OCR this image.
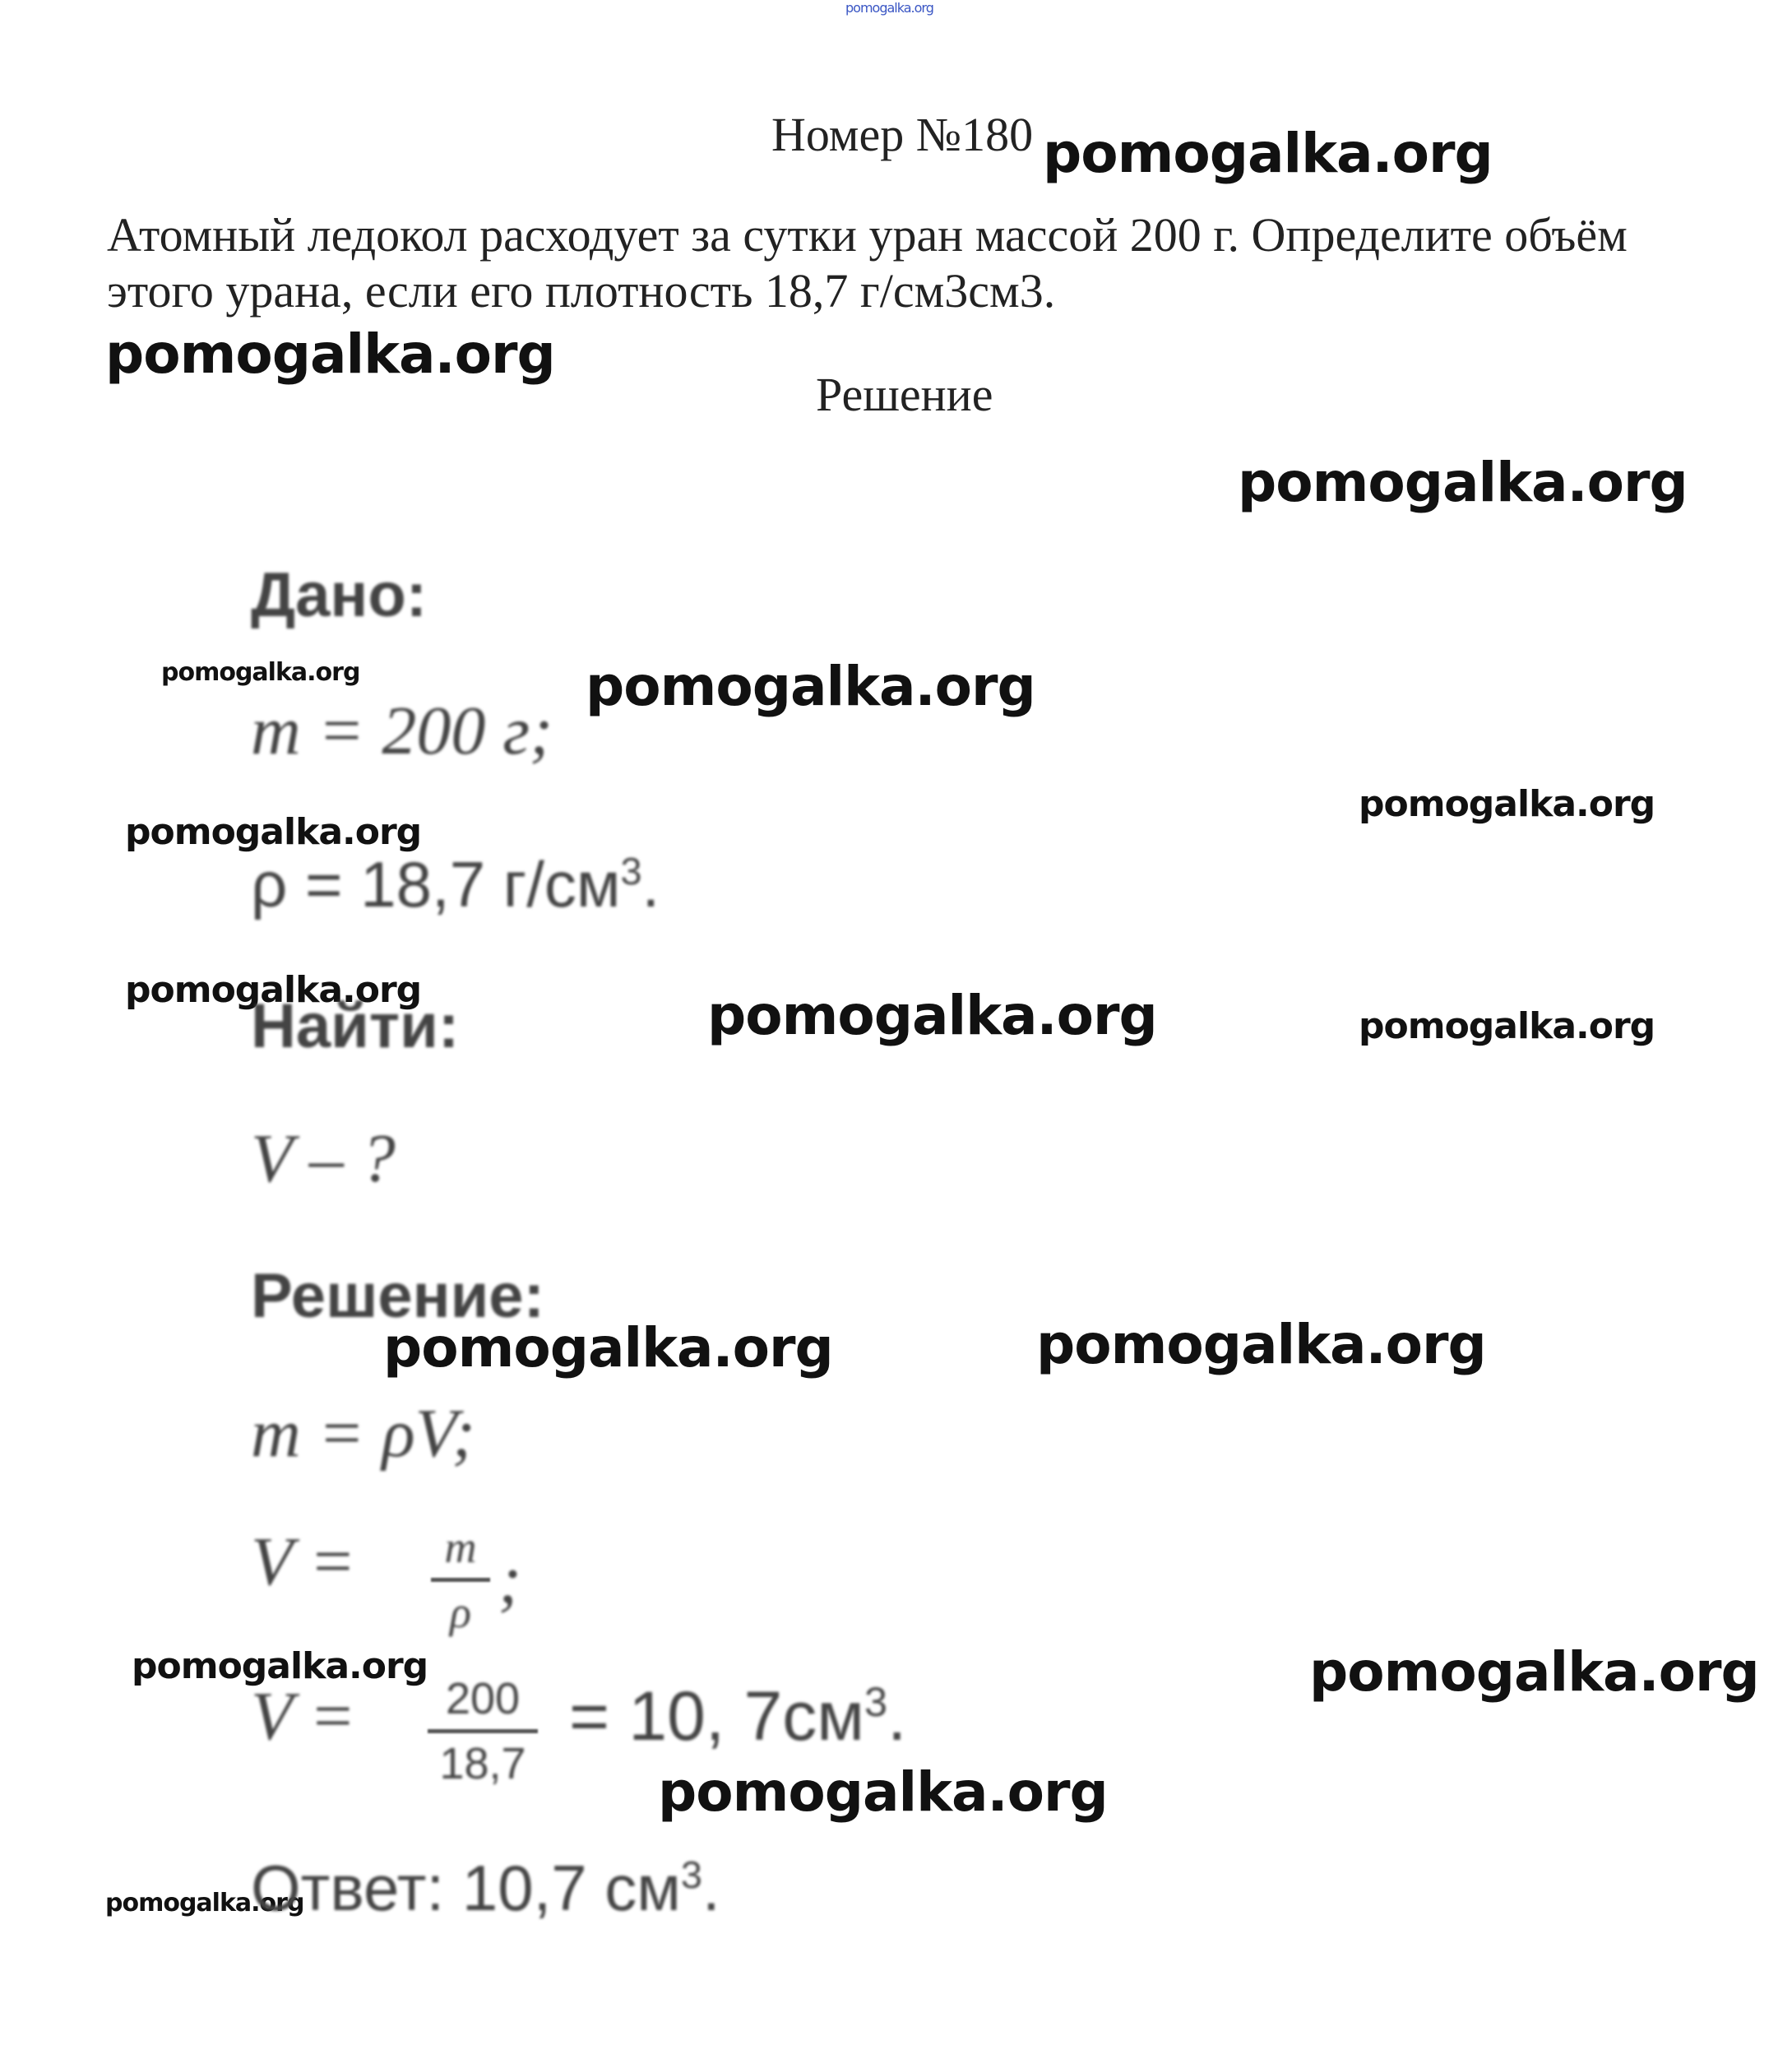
pomogalka.org
Номер №180 pomogalka.org
Атомный ледокол расходует за сутки уран массой 200 г. Определите объём
этого урана, если его плотность 18,7 г/см3см3.
pomogalka.org
Решение
pomogalka.org
Дано:
pomogalka.org	pomogalka.org
m = 200 г;
pomogalka.org
pomogalka.org
ρ = 18,7 $г/см^3$.
pomogalka.org
Найти:	pomogalka.org	pomogalka.org
V – ?
Решение:
pomogalka.org	pomogalka.org
m = ρV;
V =	m
ρ ;
pomogalka.org	pomogalka.org
V =	200
18,7
= 10, $7см^3$.
pomogalka.org
pomogalka.org
Ответ: 10,7 $см^3$.
